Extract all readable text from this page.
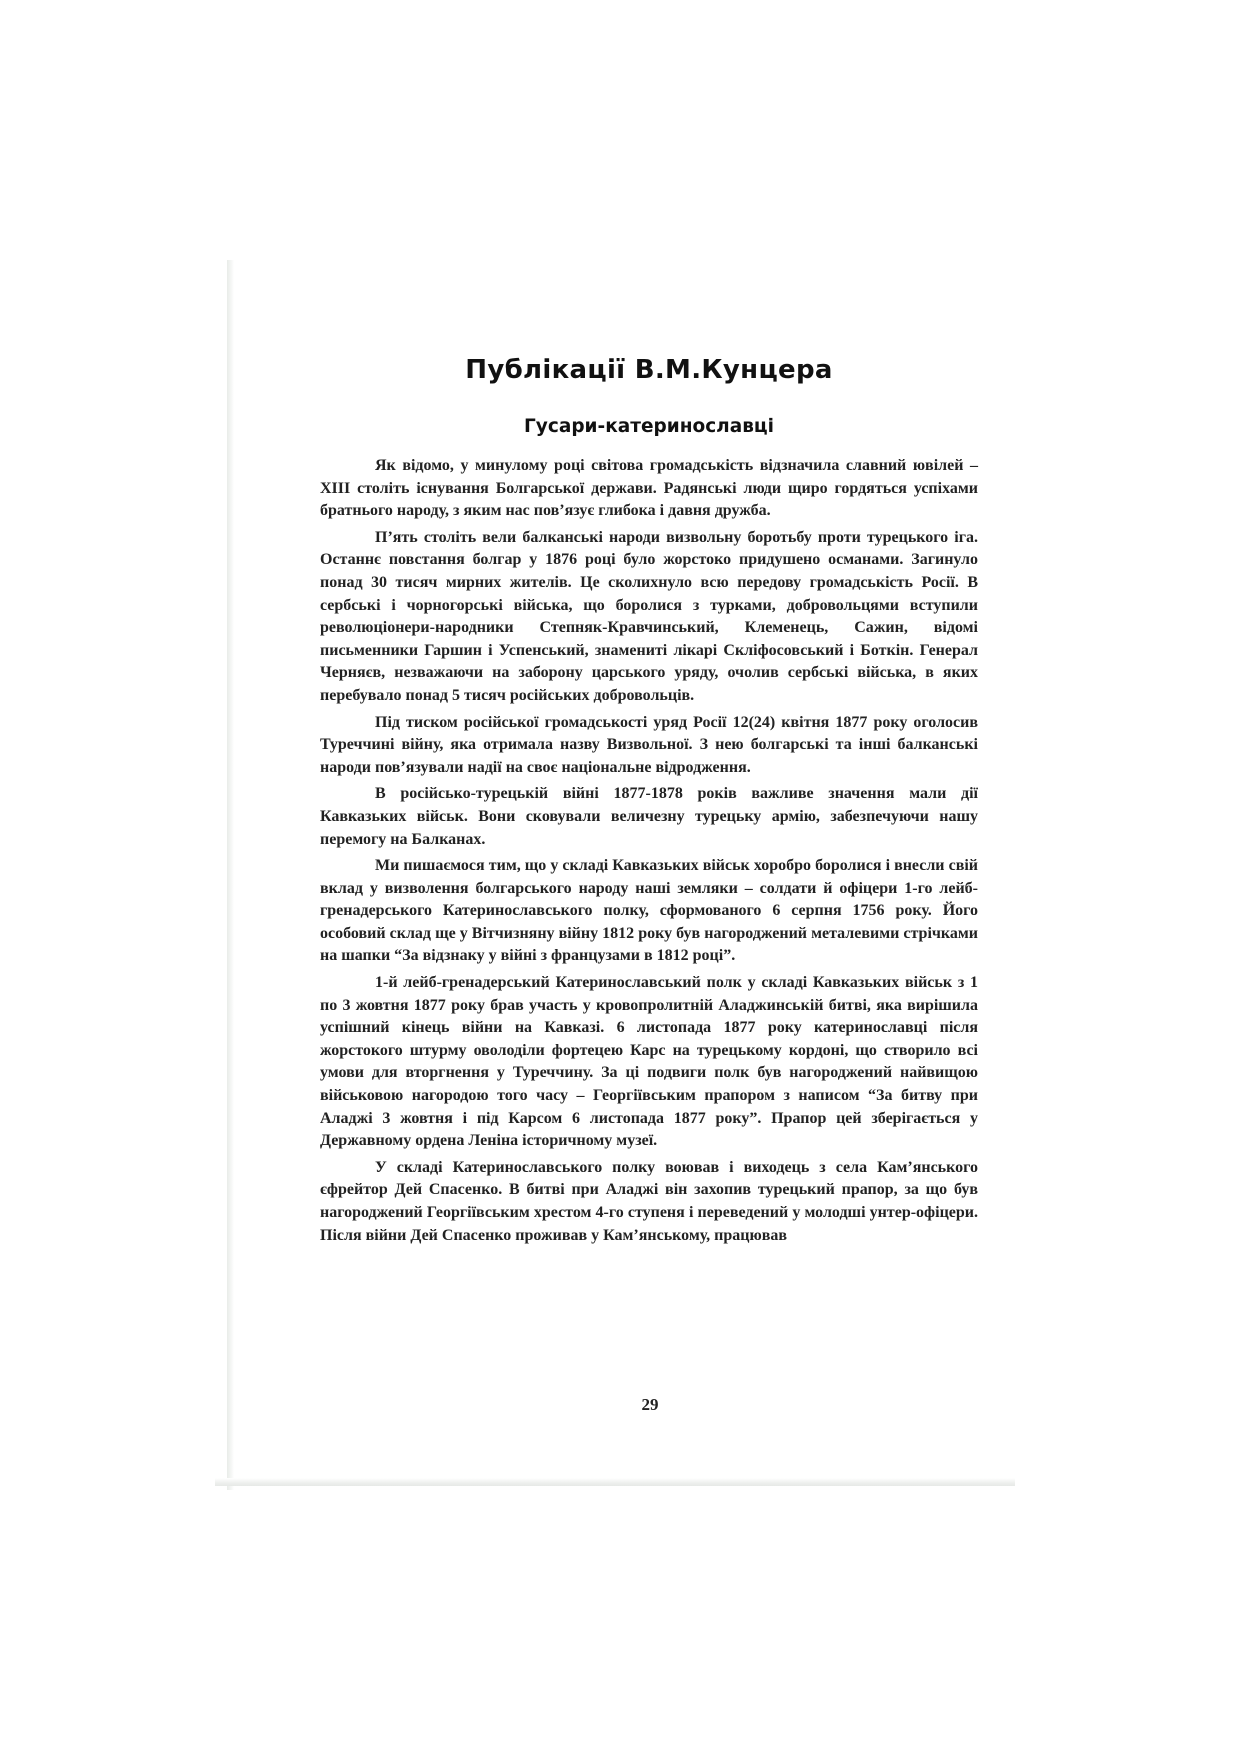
Публікації В.М.Кунцера
Гусари-катеринославці

Як відомо, у минулому році світова громадськість відзначила славний ювілей – XIII століть існування Болгарської держави. Радянські люди щиро гордяться успіхами братнього народу, з яким нас пов’язує глибока і давня дружба.

П’ять століть вели балканські народи визвольну боротьбу проти турецького іга. Останнє повстання болгар у 1876 році було жорстоко придушено османами. Загинуло понад 30 тисяч мирних жителів. Це сколихнуло всю передову громадськість Росії. В сербські і чорногорські війська, що боролися з турками, добровольцями вступили революціонери-народники Степняк-Кравчинський, Клеменець, Сажин, відомі письменники Гаршин і Успенський, знамениті лікарі Скліфосовський і Боткін. Генерал Черняєв, незважаючи на заборону царського уряду, очолив сербські війська, в яких перебувало понад 5 тисяч російських добровольців.

Під тиском російської громадськості уряд Росії 12(24) квітня 1877 року оголосив Туреччині війну, яка отримала назву Визвольної. З нею болгарські та інші балканські народи пов’язували надії на своє національне відродження.

В російсько-турецькій війні 1877-1878 років важливе значення мали дії Кавказьких військ. Вони сковували величезну турецьку армію, забезпечуючи нашу перемогу на Балканах.

Ми пишаємося тим, що у складі Кавказьких військ хоробро боролися і внесли свій вклад у визволення болгарського народу наші земляки – солдати й офіцери 1-го лейб-гренадерського Катеринославського полку, сформованого 6 серпня 1756 року. Його особовий склад ще у Вітчизняну війну 1812 року був нагороджений металевими стрічками на шапки “За відзнаку у війні з французами в 1812 році”.

1-й лейб-гренадерський Катеринославський полк у складі Кавказьких військ з 1 по 3 жовтня 1877 року брав участь у кровопролитній Аладжинській битві, яка вирішила успішний кінець війни на Кавказі. 6 листопада 1877 року катеринославці після жорстокого штурму оволоділи фортецею Карс на турецькому кордоні, що створило всі умови для вторгнення у Туреччину. За ці подвиги полк був нагороджений найвищою військовою нагородою того часу – Георгіївським прапором з написом “За битву при Аладжі 3 жовтня і під Карсом 6 листопада 1877 року”. Прапор цей зберігається у Державному ордена Леніна історичному музеї.

У складі Катеринославського полку воював і виходець з села Кам’янського єфрейтор Дей Спасенко. В битві при Аладжі він захопив турецький прапор, за що був нагороджений Георгіївським хрестом 4-го ступеня і переведений у молодші унтер-офіцери. Після війни Дей Спасенко проживав у Кам’янському, працював

29
